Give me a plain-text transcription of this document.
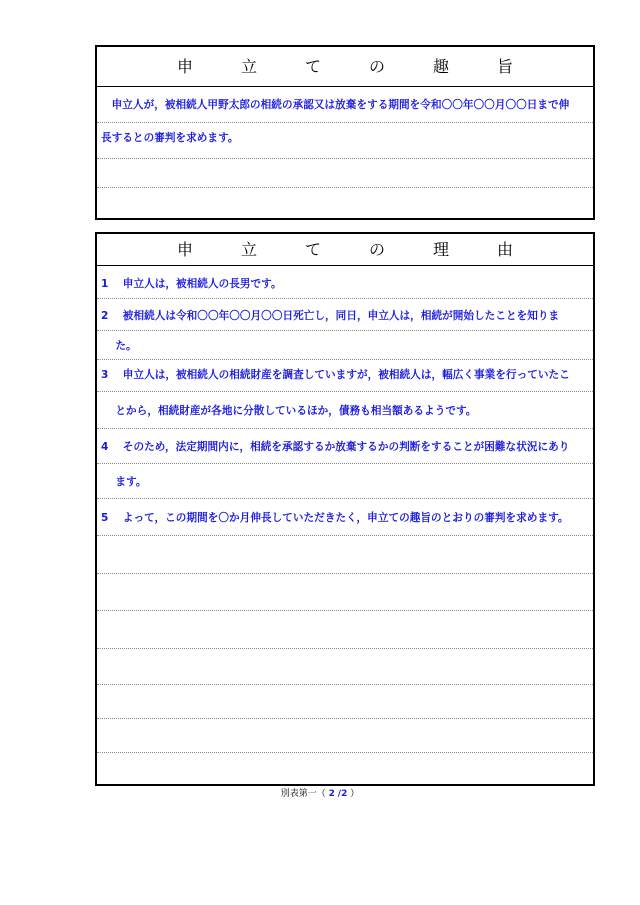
申	立	て	の	趣	旨
　申立人が，被相続人甲野太郎の相続の承認又は放棄をする期間を令和〇〇年〇〇月〇〇日まで伸
長するとの審判を求めます。
申	立	て	の	理	由
1　 申立人は，被相続人の長男です。
2　 被相続人は令和〇〇年〇〇月〇〇日死亡し，同日，申立人は，相続が開始したことを知りま
　 た。
3　 申立人は，被相続人の相続財産を調査していますが，被相続人は，幅広く事業を行っていたこ
　 とから，相続財産が各地に分散しているほか，債務も相当額あるようです。
4　 そのため，法定期間内に，相続を承認するか放棄するかの判断をすることが困難な状況にあり
　 ます。
5　 よって，この期間を〇か月伸長していただきたく，申立ての趣旨のとおりの審判を求めます。
別表第一（ 2 /2 ）
